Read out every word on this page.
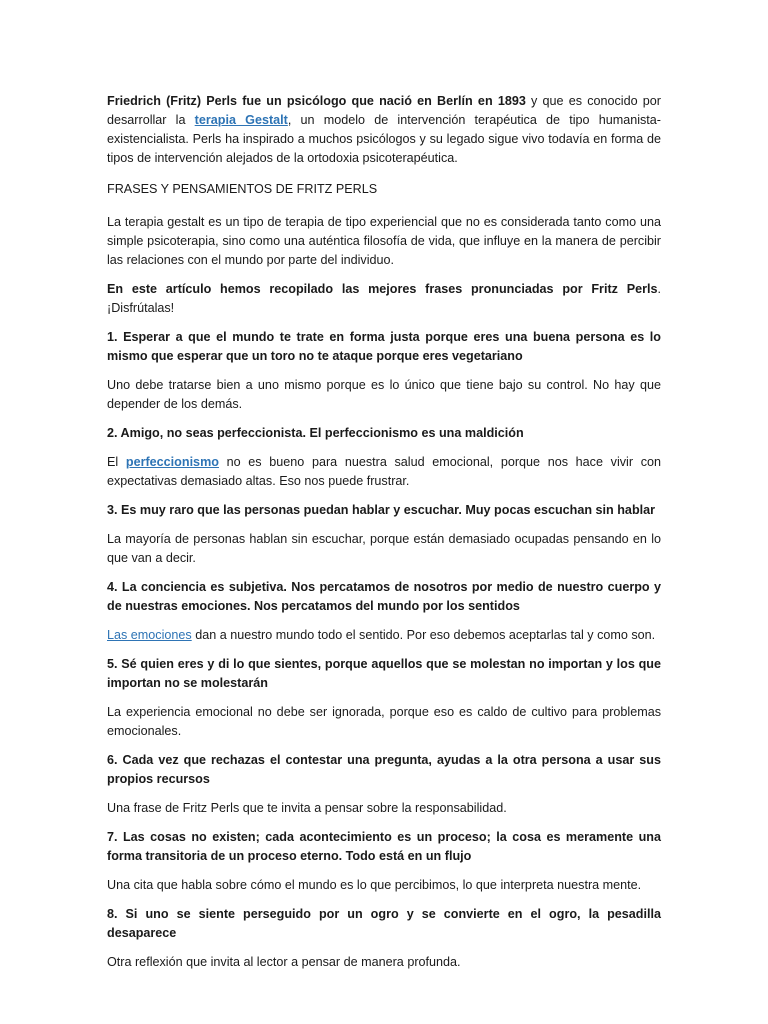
Friedrich (Fritz) Perls fue un psicólogo que nació en Berlín en 1893 y que es conocido por desarrollar la terapia Gestalt, un modelo de intervención terapéutica de tipo humanista-existencialista. Perls ha inspirado a muchos psicólogos y su legado sigue vivo todavía en forma de tipos de intervención alejados de la ortodoxia psicoterapéutica.

FRASES Y PENSAMIENTOS DE FRITZ PERLS

La terapia gestalt es un tipo de terapia de tipo experiencial que no es considerada tanto como una simple psicoterapia, sino como una auténtica filosofía de vida, que influye en la manera de percibir las relaciones con el mundo por parte del individuo.

En este artículo hemos recopilado las mejores frases pronunciadas por Fritz Perls. ¡Disfrútalas!

1. Esperar a que el mundo te trate en forma justa porque eres una buena persona es lo mismo que esperar que un toro no te ataque porque eres vegetariano

Uno debe tratarse bien a uno mismo porque es lo único que tiene bajo su control. No hay que depender de los demás.

2. Amigo, no seas perfeccionista. El perfeccionismo es una maldición

El perfeccionismo no es bueno para nuestra salud emocional, porque nos hace vivir con expectativas demasiado altas. Eso nos puede frustrar.

3. Es muy raro que las personas puedan hablar y escuchar. Muy pocas escuchan sin hablar

La mayoría de personas hablan sin escuchar, porque están demasiado ocupadas pensando en lo que van a decir.

4. La conciencia es subjetiva. Nos percatamos de nosotros por medio de nuestro cuerpo y de nuestras emociones. Nos percatamos del mundo por los sentidos

Las emociones dan a nuestro mundo todo el sentido. Por eso debemos aceptarlas tal y como son.

5. Sé quien eres y di lo que sientes, porque aquellos que se molestan no importan y los que importan no se molestarán

La experiencia emocional no debe ser ignorada, porque eso es caldo de cultivo para problemas emocionales.

6. Cada vez que rechazas el contestar una pregunta, ayudas a la otra persona a usar sus propios recursos

Una frase de Fritz Perls que te invita a pensar sobre la responsabilidad.

7. Las cosas no existen; cada acontecimiento es un proceso; la cosa es meramente una forma transitoria de un proceso eterno. Todo está en un flujo

Una cita que habla sobre cómo el mundo es lo que percibimos, lo que interpreta nuestra mente.

8. Si uno se siente perseguido por un ogro y se convierte en el ogro, la pesadilla desaparece

Otra reflexión que invita al lector a pensar de manera profunda.
